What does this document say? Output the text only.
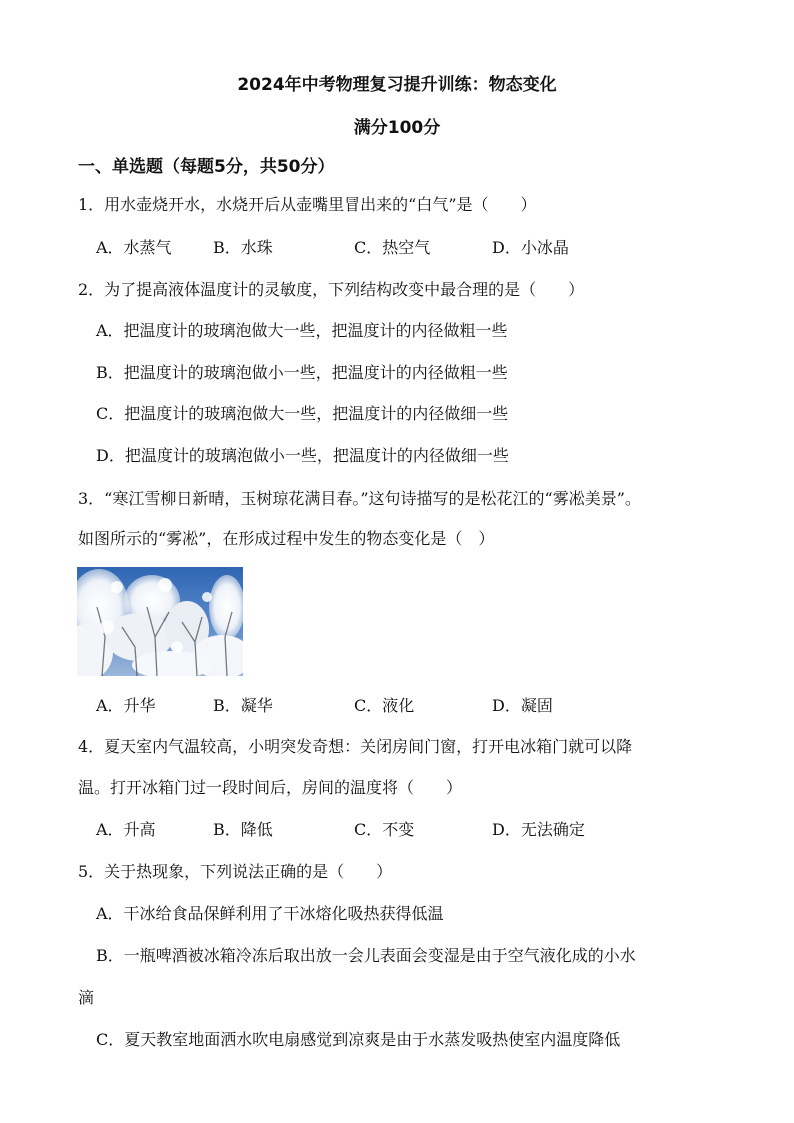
2024年中考物理复习提升训练：物态变化
满分100分
一、单选题（每题5分，共50分）
1．用水壶烧开水，水烧开后从壶嘴里冒出来的“白气”是（　　）
A．水蒸气	B．水珠	C．热空气	D．小冰晶
2．为了提高液体温度计的灵敏度，下列结构改变中最合理的是（　　）
A．把温度计的玻璃泡做大一些，把温度计的内径做粗一些
B．把温度计的玻璃泡做小一些，把温度计的内径做粗一些
C．把温度计的玻璃泡做大一些，把温度计的内径做细一些
D．把温度计的玻璃泡做小一些，把温度计的内径做细一些
3．“寒江雪柳日新晴，玉树琼花满目春。”这句诗描写的是松花江的“雾凇美景”。
如图所示的“雾凇”，在形成过程中发生的物态变化是（　）
A．升华	B．凝华	C．液化	D．凝固
4．夏天室内气温较高，小明突发奇想：关闭房间门窗，打开电冰箱门就可以降
温。打开冰箱门过一段时间后，房间的温度将（　　）
A．升高	B．降低	C．不变	D．无法确定
5．关于热现象，下列说法正确的是（　　）
A．干冰给食品保鲜利用了干冰熔化吸热获得低温
B．一瓶啤酒被冰箱冷冻后取出放一会儿表面会变湿是由于空气液化成的小水
滴
C．夏天教室地面洒水吹电扇感觉到凉爽是由于水蒸发吸热使室内温度降低
